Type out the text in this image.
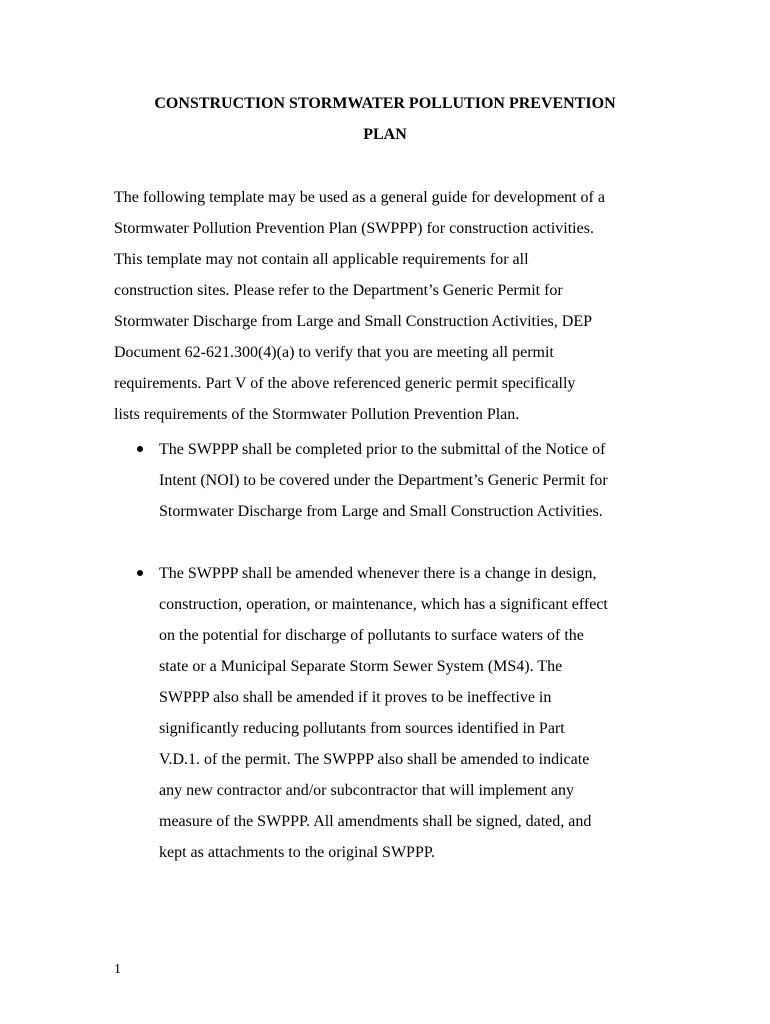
CONSTRUCTION STORMWATER POLLUTION PREVENTION
PLAN

The following template may be used as a general guide for development of a
Stormwater Pollution Prevention Plan (SWPPP) for construction activities.
This template may not contain all applicable requirements for all
construction sites. Please refer to the Department’s Generic Permit for
Stormwater Discharge from Large and Small Construction Activities, DEP
Document 62-621.300(4)(a) to verify that you are meeting all permit
requirements. Part V of the above referenced generic permit specifically
lists requirements of the Stormwater Pollution Prevention Plan.

The SWPPP shall be completed prior to the submittal of the Notice of
Intent (NOI) to be covered under the Department’s Generic Permit for
Stormwater Discharge from Large and Small Construction Activities.
The SWPPP shall be amended whenever there is a change in design,
construction, operation, or maintenance, which has a significant effect
on the potential for discharge of pollutants to surface waters of the
state or a Municipal Separate Storm Sewer System (MS4). The
SWPPP also shall be amended if it proves to be ineffective in
significantly reducing pollutants from sources identified in Part
V.D.1. of the permit. The SWPPP also shall be amended to indicate
any new contractor and/or subcontractor that will implement any
measure of the SWPPP. All amendments shall be signed, dated, and
kept as attachments to the original SWPPP.
1
